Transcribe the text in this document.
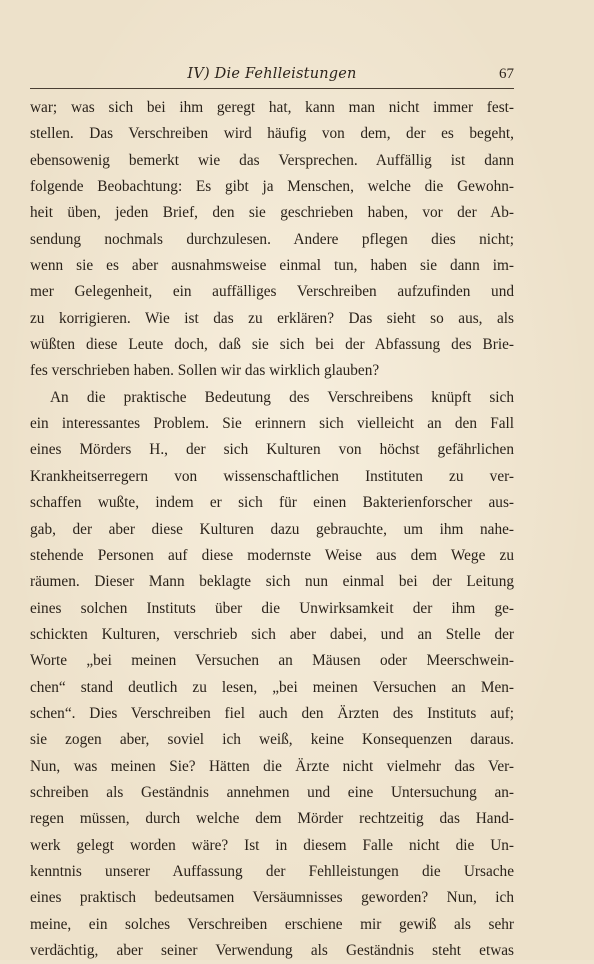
IV) Die Fehlleistungen	67
war; was sich bei ihm geregt hat, kann man nicht immer fest-
stellen. Das Verschreiben wird häufig von dem, der es begeht,
ebensowenig bemerkt wie das Versprechen. Auffällig ist dann
folgende Beobachtung: Es gibt ja Menschen, welche die Gewohn-
heit üben, jeden Brief, den sie geschrieben haben, vor der Ab-
sendung nochmals durchzulesen. Andere pflegen dies nicht;
wenn sie es aber ausnahmsweise einmal tun, haben sie dann im-
mer Gelegenheit, ein auffälliges Verschreiben aufzufinden und
zu korrigieren. Wie ist das zu erklären? Das sieht so aus, als
wüßten diese Leute doch, daß sie sich bei der Abfassung des Brie-
fes verschrieben haben. Sollen wir das wirklich glauben?
An die praktische Bedeutung des Verschreibens knüpft sich
ein interessantes Problem. Sie erinnern sich vielleicht an den Fall
eines Mörders H., der sich Kulturen von höchst gefährlichen
Krankheitserregern von wissenschaftlichen Instituten zu ver-
schaffen wußte, indem er sich für einen Bakterienforscher aus-
gab, der aber diese Kulturen dazu gebrauchte, um ihm nahe-
stehende Personen auf diese modernste Weise aus dem Wege zu
räumen. Dieser Mann beklagte sich nun einmal bei der Leitung
eines solchen Instituts über die Unwirksamkeit der ihm ge-
schickten Kulturen, verschrieb sich aber dabei, und an Stelle der
Worte „bei meinen Versuchen an Mäusen oder Meerschwein-
chen“ stand deutlich zu lesen, „bei meinen Versuchen an Men-
schen“. Dies Verschreiben fiel auch den Ärzten des Instituts auf;
sie zogen aber, soviel ich weiß, keine Konsequenzen daraus.
Nun, was meinen Sie? Hätten die Ärzte nicht vielmehr das Ver-
schreiben als Geständnis annehmen und eine Untersuchung an-
regen müssen, durch welche dem Mörder rechtzeitig das Hand-
werk gelegt worden wäre? Ist in diesem Falle nicht die Un-
kenntnis unserer Auffassung der Fehlleistungen die Ursache
eines praktisch bedeutsamen Versäumnisses geworden? Nun, ich
meine, ein solches Verschreiben erschiene mir gewiß als sehr
verdächtig, aber seiner Verwendung als Geständnis steht etwas
